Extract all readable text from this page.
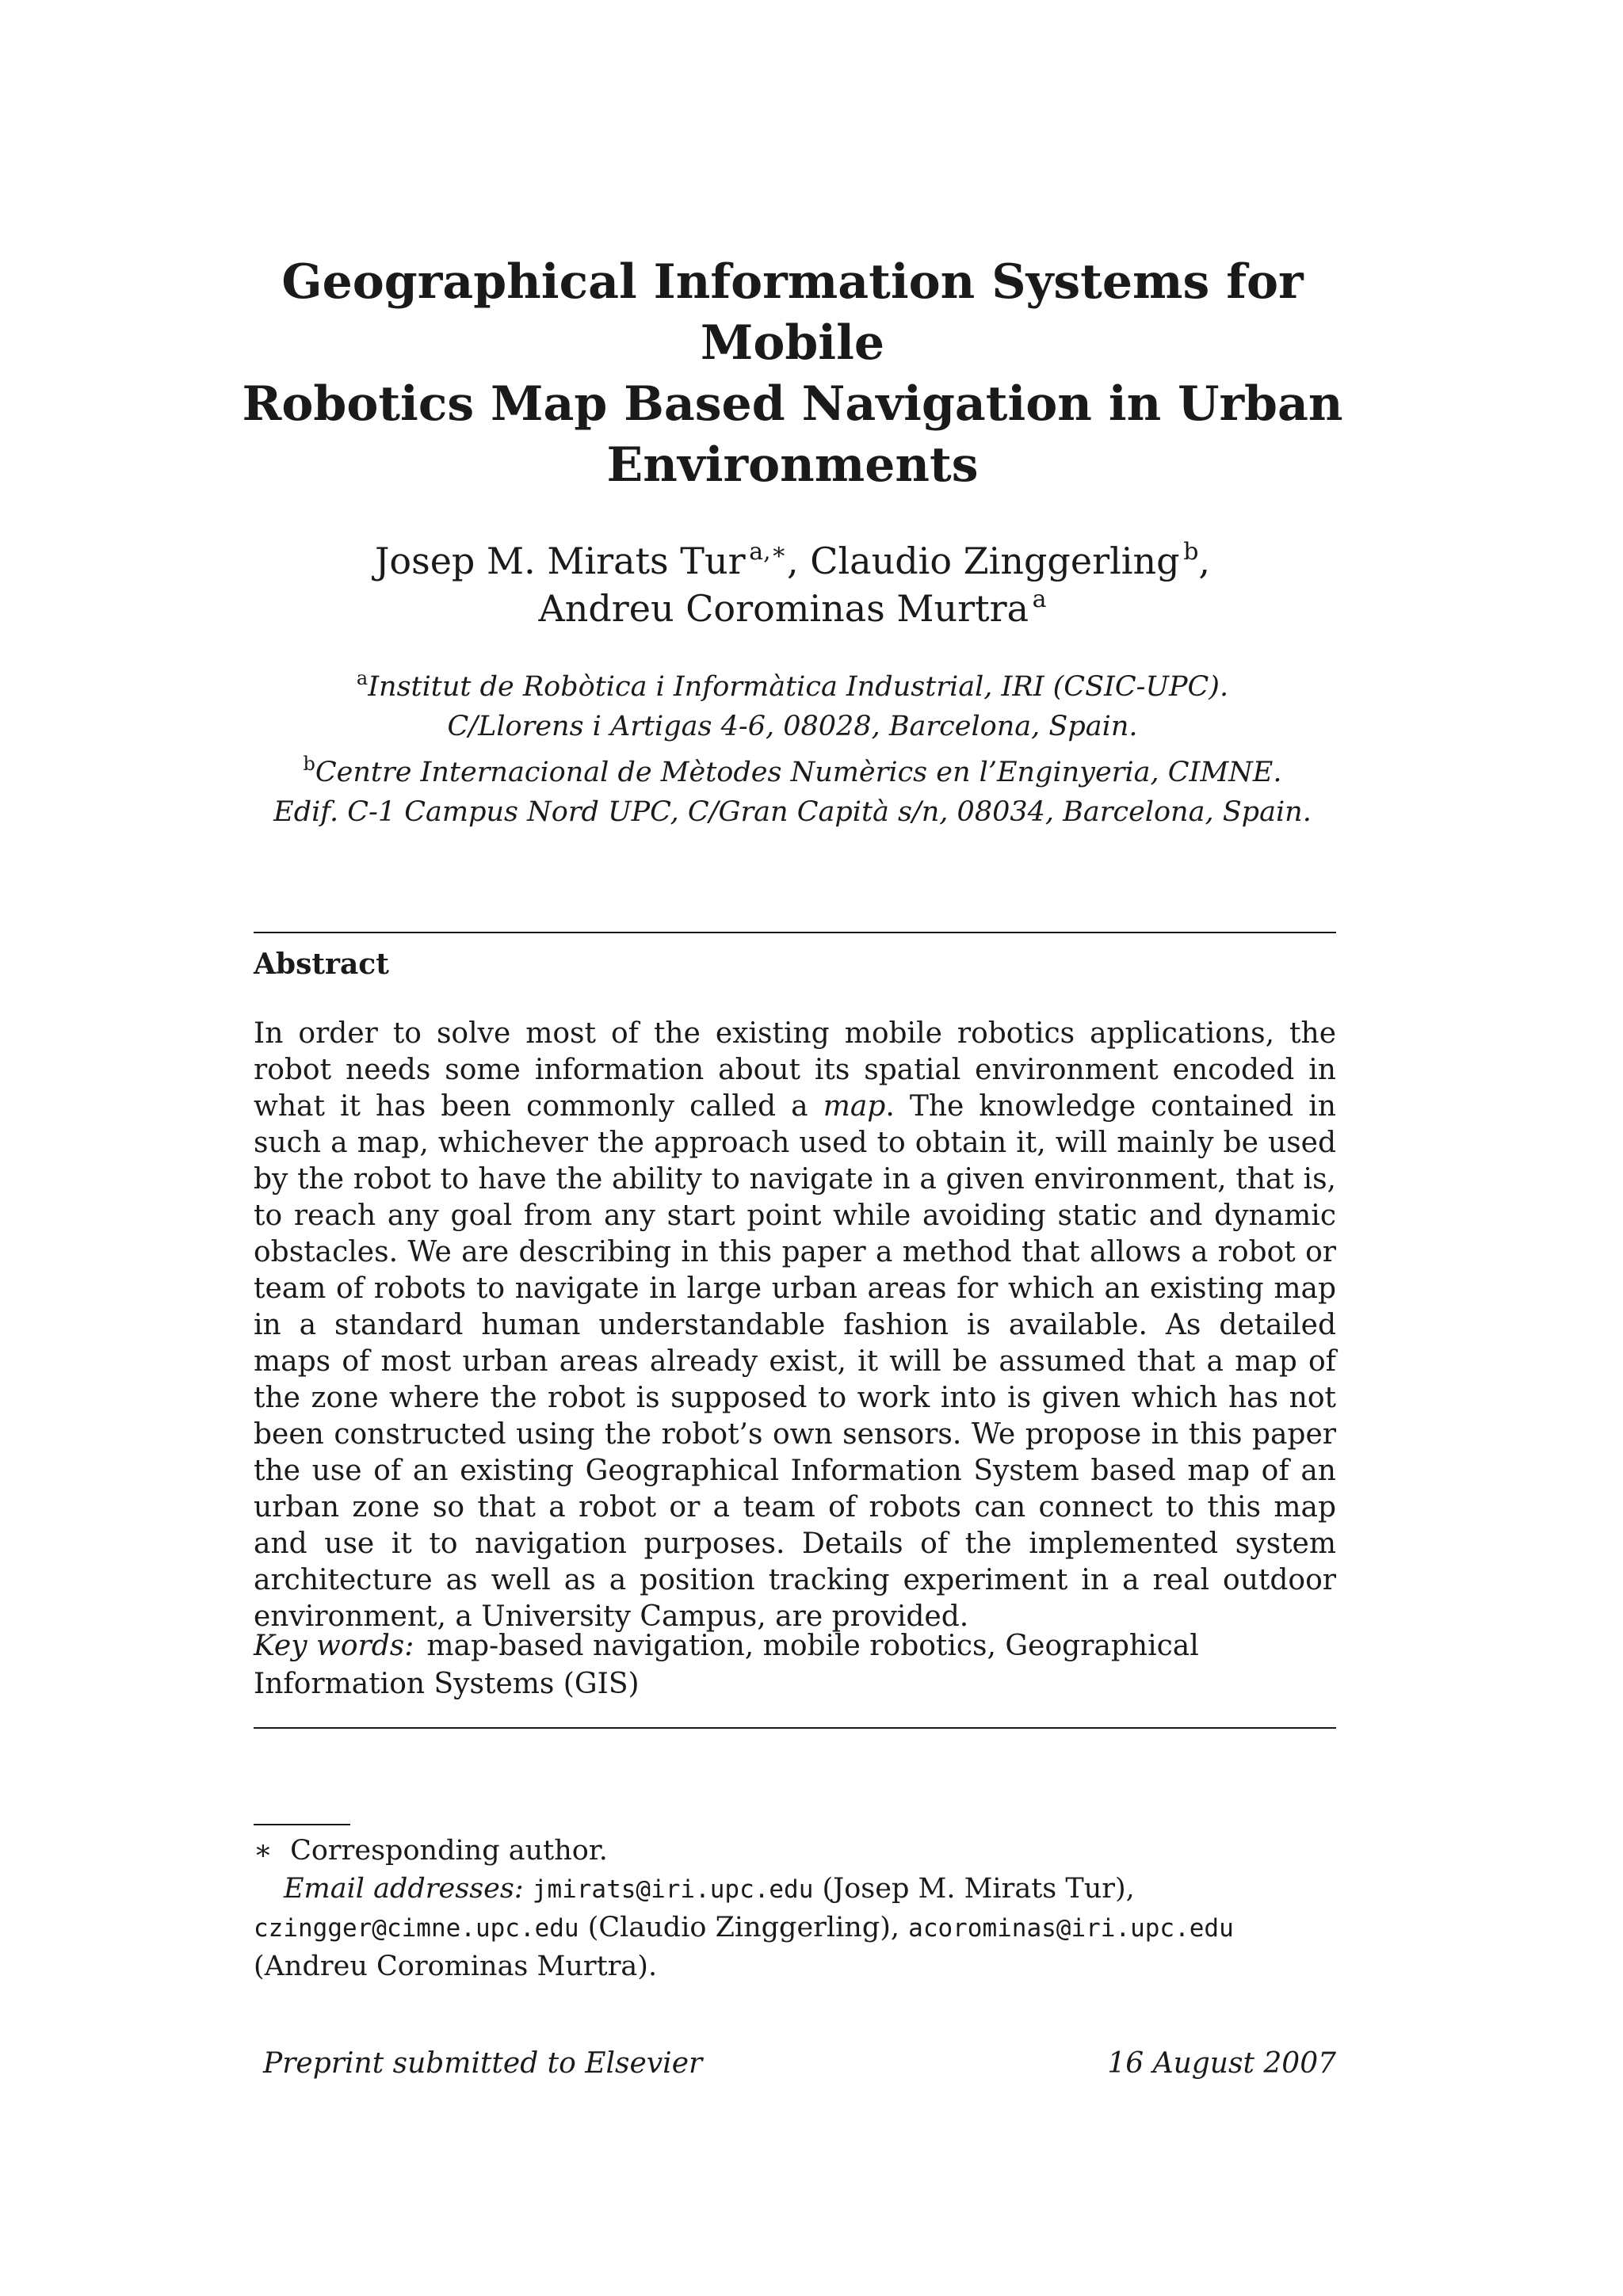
Geographical Information Systems for Mobile
Robotics Map Based Navigation in Urban
Environments
Josep M. Mirats Tur  $^{a,∗}$, Claudio Zinggerling  $^b$,
Andreu Corominas Murtra  $^a$
$^a$Institut de Robòtica i Informàtica Industrial, IRI (CSIC-UPC).
C/Llorens i Artigas 4-6, 08028, Barcelona, Spain.
$^b$Centre Internacional de Mètodes Numèrics en l’Enginyeria, CIMNE.
Edif. C-1 Campus Nord UPC, C/Gran Capità s/n, 08034, Barcelona, Spain.
Abstract

In order to solve most of the existing mobile robotics applications, the robot needs some information about its spatial environment encoded in what it has been commonly called a map. The knowledge contained in such a map, whichever the approach used to obtain it, will mainly be used by the robot to have the ability to navigate in a given environment, that is, to reach any goal from any start point while avoiding static and dynamic obstacles. We are describing in this paper a method that allows a robot or team of robots to navigate in large urban areas for which an existing map in a standard human understandable fashion is available. As detailed maps of most urban areas already exist, it will be assumed that a map of the zone where the robot is supposed to work into is given which has not been constructed using the robot’s own sensors. We propose in this paper the use of an existing Geographical Information System based map of an urban zone so that a robot or a team of robots can connect to this map and use it to navigation purposes. Details of the implemented system architecture as well as a position tracking experiment in a real outdoor environment, a University Campus, are provided.

Key words: map-based navigation, mobile robotics, Geographical Information Systems (GIS)

∗ Corresponding author.
Email addresses: jmirats@iri.upc.edu (Josep M. Mirats Tur),
czingger@cimne.upc.edu (Claudio Zinggerling), acorominas@iri.upc.edu
(Andreu Corominas Murtra).
Preprint submitted to Elsevier	16 August 2007
